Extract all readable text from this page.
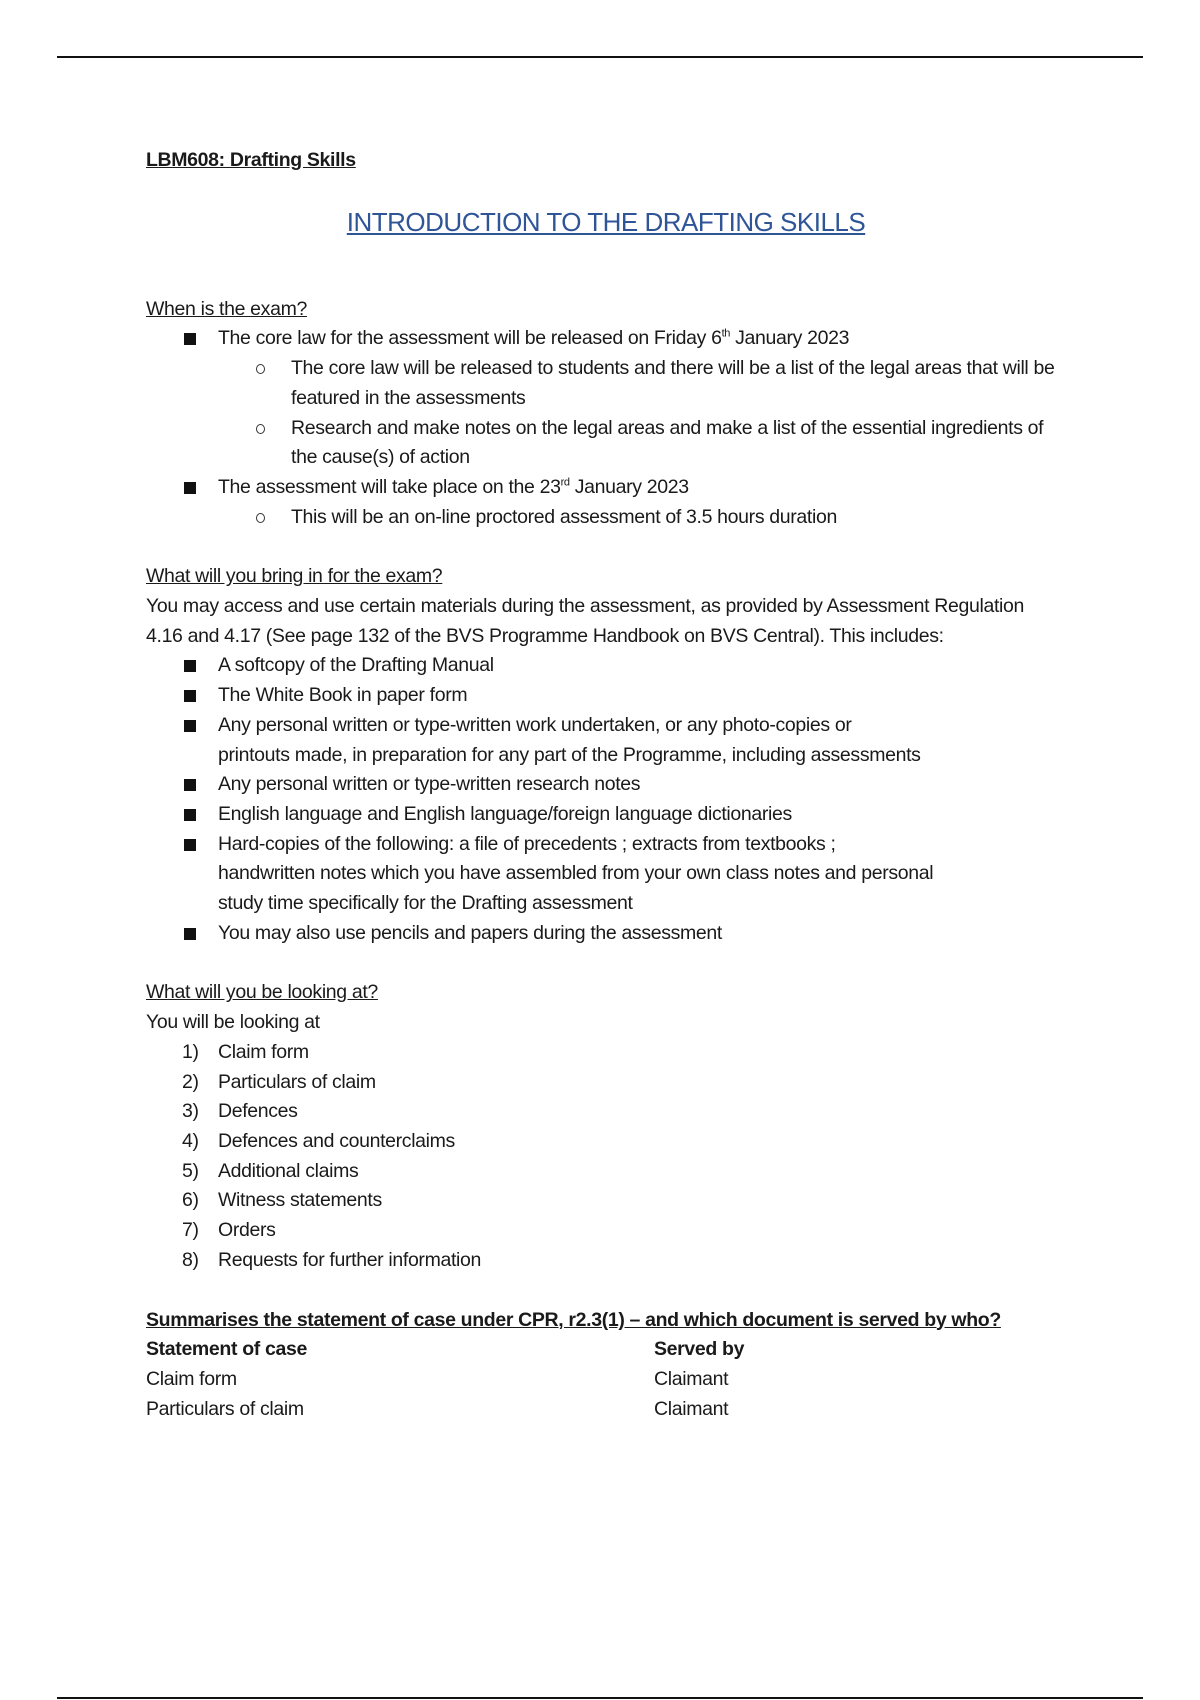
LBM608: Drafting Skills
INTRODUCTION TO THE DRAFTING SKILLS
When is the exam?
The core law for the assessment will be released on Friday 6th January 2023
The core law will be released to students and there will be a list of the legal areas that will be featured in the assessments
Research and make notes on the legal areas and make a list of the essential ingredients of the cause(s) of action
The assessment will take place on the 23rd January 2023
This will be an on-line proctored assessment of 3.5 hours duration
What will you bring in for the exam?
You may access and use certain materials during the assessment, as provided by Assessment Regulation 4.16 and 4.17 (See page 132 of the BVS Programme Handbook on BVS Central). This includes:
A softcopy of the Drafting Manual
The White Book in paper form
Any personal written or type-written work undertaken, or any photo-copies or printouts made, in preparation for any part of the Programme, including assessments
Any personal written or type-written research notes
English language and English language/foreign language dictionaries
Hard-copies of the following: a file of precedents ; extracts from textbooks ; handwritten notes which you have assembled from your own class notes and personal study time specifically for the Drafting assessment
You may also use pencils and papers during the assessment
What will you be looking at?
You will be looking at
1) Claim form
2) Particulars of claim
3) Defences
4) Defences and counterclaims
5) Additional claims
6) Witness statements
7) Orders
8) Requests for further information
Summarises the statement of case under CPR, r2.3(1) – and which document is served by who?
Statement of case	Served by
Claim form	Claimant
Particulars of claim	Claimant
